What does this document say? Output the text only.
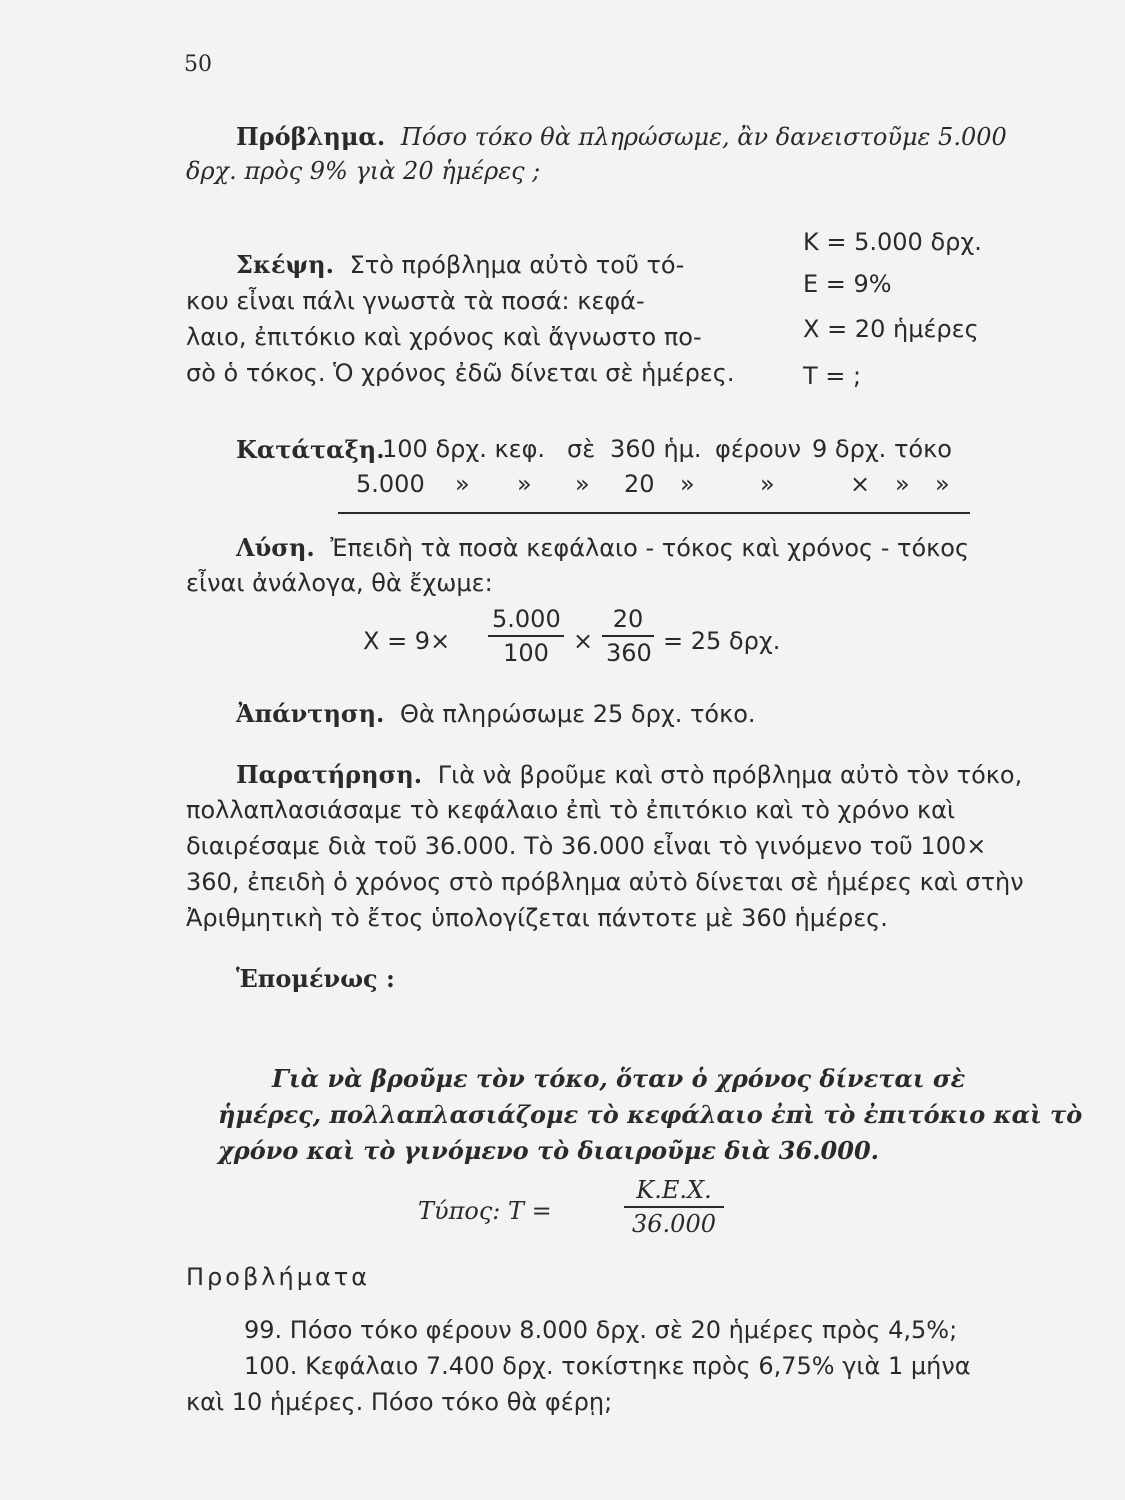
50
Πρόβλημα. Πόσο τόκο θὰ πληρώσωμε, ἂν δανειστοῦμε 5.000
δρχ. πρὸς 9% γιὰ 20 ἡμέρες ;
Σκέψη. Στὸ πρόβλημα αὐτὸ τοῦ τό-
κου εἶναι πάλι γνωστὰ τὰ ποσά: κεφά-
λαιο, ἐπιτόκιο καὶ χρόνος καὶ ἄγνωστο πο-
σὸ ὁ τόκος. Ὁ χρόνος ἐδῶ δίνεται σὲ ἡμέρες.
Κ = 5.000 δρχ.
Ε = 9%
Χ = 20 ἡμέρες
Τ = ;
Κατάταξη.
100 δρχ. κεφ. σὲ 360 ἡμ. φέρουν 9 δρχ. τόκο
5.000 » » » 20 »	»	× » »
Λύση. Ἐπειδὴ τὰ ποσὰ κεφάλαιο - τόκος καὶ χρόνος - τόκος
εἶναι ἀνάλογα, θὰ ἔχωμε:
Χ = 9×
5.000
100	×
20
360 = 25 δρχ.
Ἀπάντηση. Θὰ πληρώσωμε 25 δρχ. τόκο.
Παρατήρηση. Γιὰ νὰ βροῦμε καὶ στὸ πρόβλημα αὐτὸ τὸν τόκο,
πολλαπλασιάσαμε τὸ κεφάλαιο ἐπὶ τὸ ἐπιτόκιο καὶ τὸ χρόνο καὶ
διαιρέσαμε διὰ τοῦ 36.000. Τὸ 36.000 εἶναι τὸ γινόμενο τοῦ 100×
360, ἐπειδὴ ὁ χρόνος στὸ πρόβλημα αὐτὸ δίνεται σὲ ἡμέρες καὶ στὴν
Ἀριθμητικὴ τὸ ἔτος ὑπολογίζεται πάντοτε μὲ 360 ἡμέρες.
Ἑπομένως :
Γιὰ νὰ βροῦμε τὸν τόκο, ὅταν ὁ χρόνος δίνεται σὲ
ἡμέρες, πολλαπλασιάζομε τὸ κεφάλαιο ἐπὶ τὸ ἐπιτόκιο καὶ τὸ
χρόνο καὶ τὸ γινόμενο τὸ διαιροῦμε διὰ 36.000.
Τύπος: Τ =
Κ.Ε.Χ.
36.000
Προβλήματα
99. Πόσο τόκο φέρουν 8.000 δρχ. σὲ 20 ἡμέρες πρὸς 4,5%;
100. Κεφάλαιο 7.400 δρχ. τοκίστηκε πρὸς 6,75% γιὰ 1 μήνα
καὶ 10 ἡμέρες. Πόσο τόκο θὰ φέρῃ;
